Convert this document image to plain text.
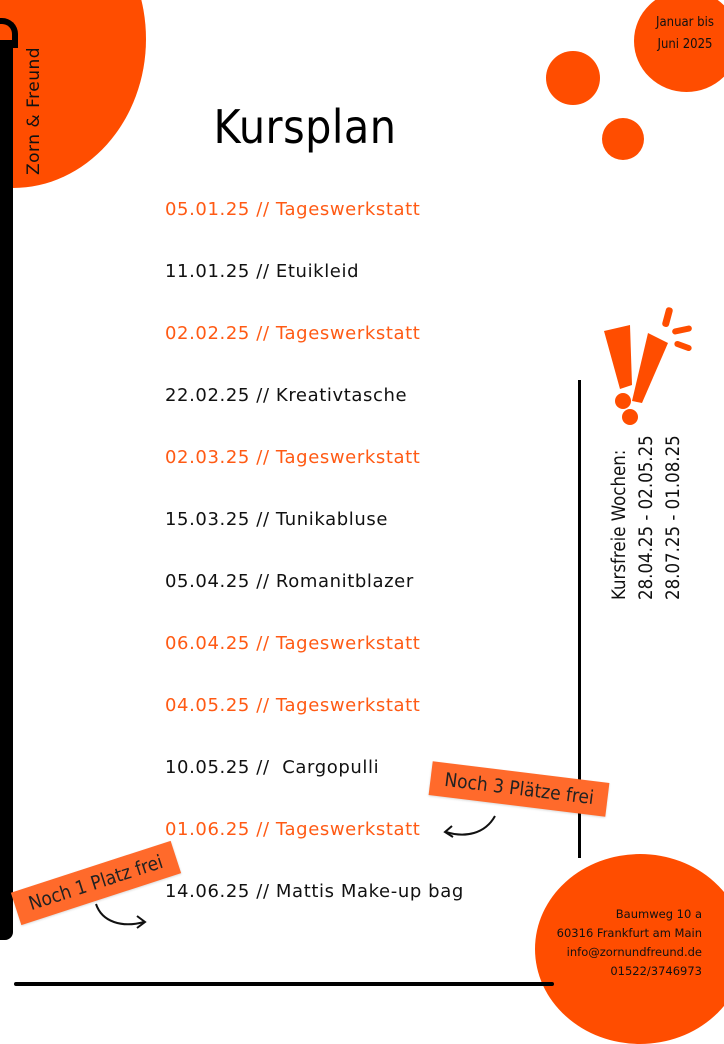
Zorn & Freund
Januar bis
Juni 2025
Kursplan
05.01.25 // Tageswerkstatt
11.01.25 // Etuikleid
02.02.25 // Tageswerkstatt
22.02.25 // Kreativtasche
02.03.25 // Tageswerkstatt
15.03.25 // Tunikabluse
05.04.25 // Romanitblazer
06.04.25 // Tageswerkstatt
04.05.25 // Tageswerkstatt
10.05.25 //  Cargopulli
01.06.25 // Tageswerkstatt
14.06.25 // Mattis Make-up bag
Kursfreie Wochen: 28.04.25 - 02.05.25 28.07.25 - 01.08.25
Noch 3 Plätze frei
Noch 1 Platz frei	Baumweg 10 a
60316 Frankfurt am Main
info@zornundfreund.de
01522/3746973
